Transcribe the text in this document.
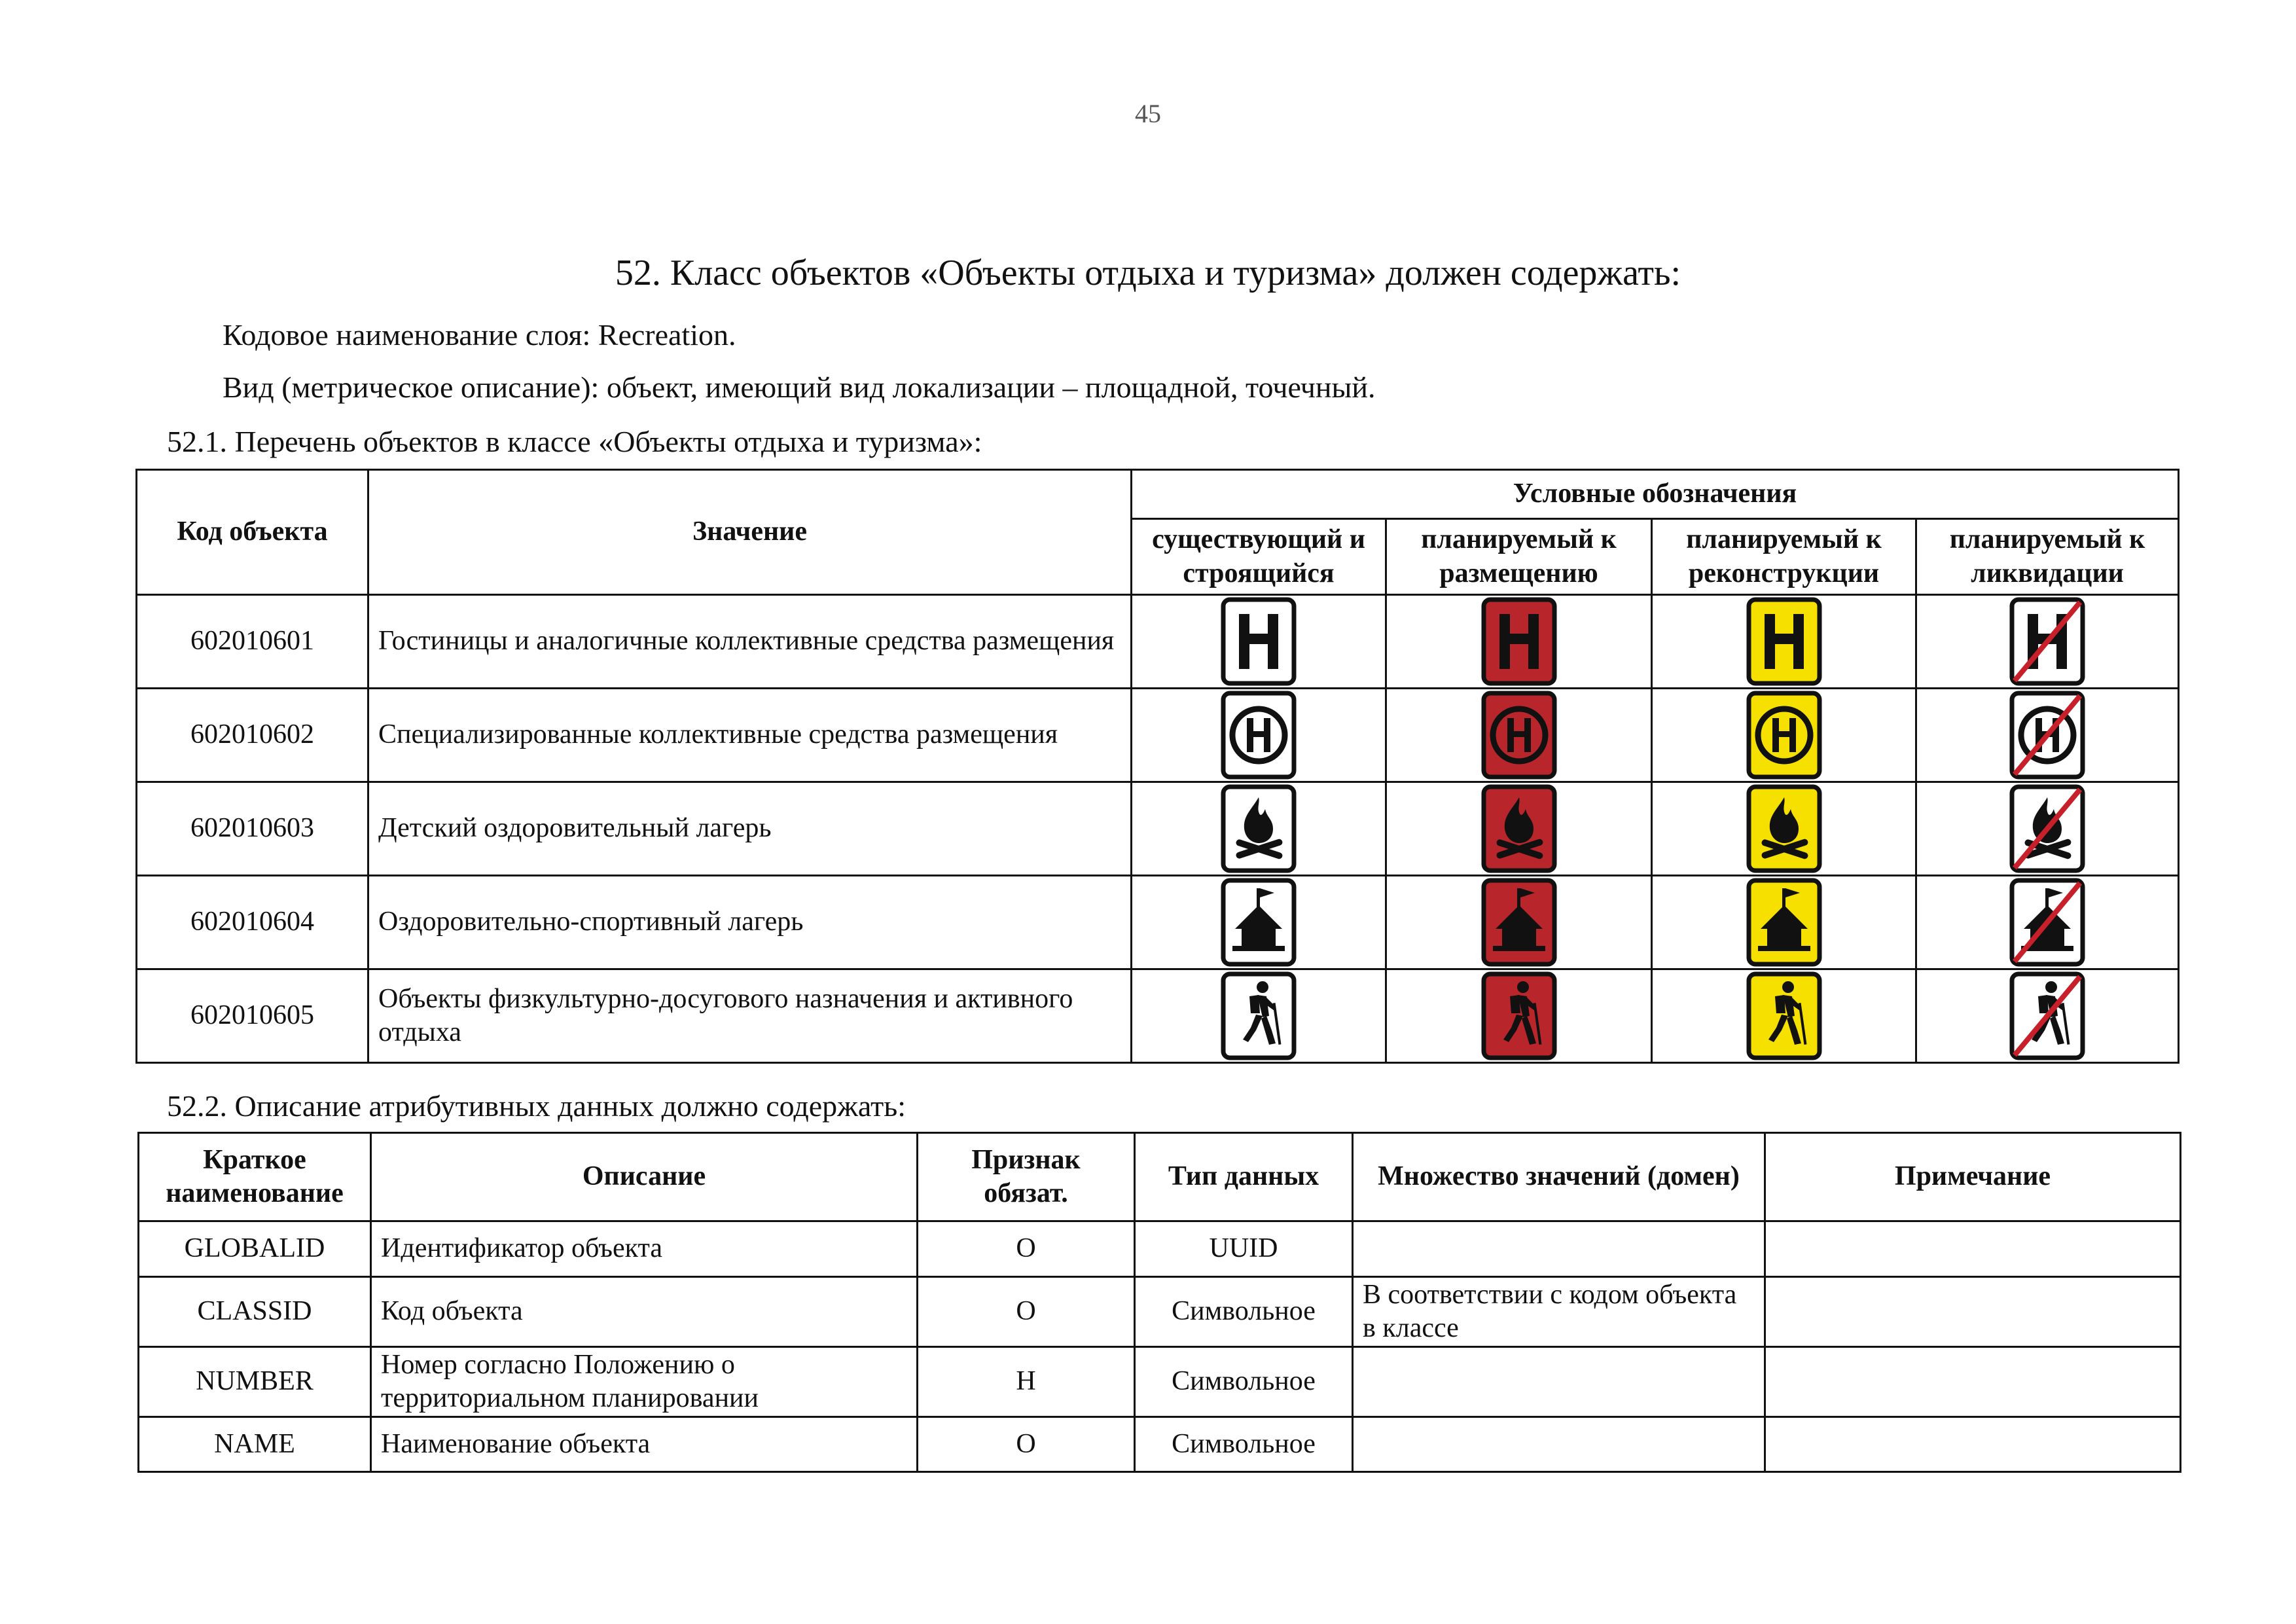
45
52. Класс объектов «Объекты отдыха и туризма» должен содержать:
Кодовое наименование слоя: Recreation.
Вид (метрическое описание): объект, имеющий вид локализации – площадной, точечный.
52.1. Перечень объектов в классе «Объекты отдыха и туризма»:
Код объекта	Значение	Условные обозначения			
		существующий и строящийся	планируемый к размещению	планируемый к реконструкции	планируемый к ликвидации
602010601	Гостиницы и аналогичные коллективные средства размещения	

602010602	Специализированные коллективные средства размещения	

602010603	Детский оздоровительный лагерь	

602010604	Оздоровительно-спортивный лагерь	

602010605	Объекты физкультурно-досугового назначения и активного отдыха	

52.2. Описание атрибутивных данных должно содержать:
Краткое наименование	Описание	Признак обязат.	Тип данных	Множество значений (домен)	Примечание
GLOBALID	Идентификатор объекта	О	UUID		
CLASSID	Код объекта	О	Символьное	В соответствии с кодом объекта в классе	
NUMBER	Номер согласно Положению о территориальном планировании	Н	Символьное		
NAME	Наименование объекта	О	Символьное		
